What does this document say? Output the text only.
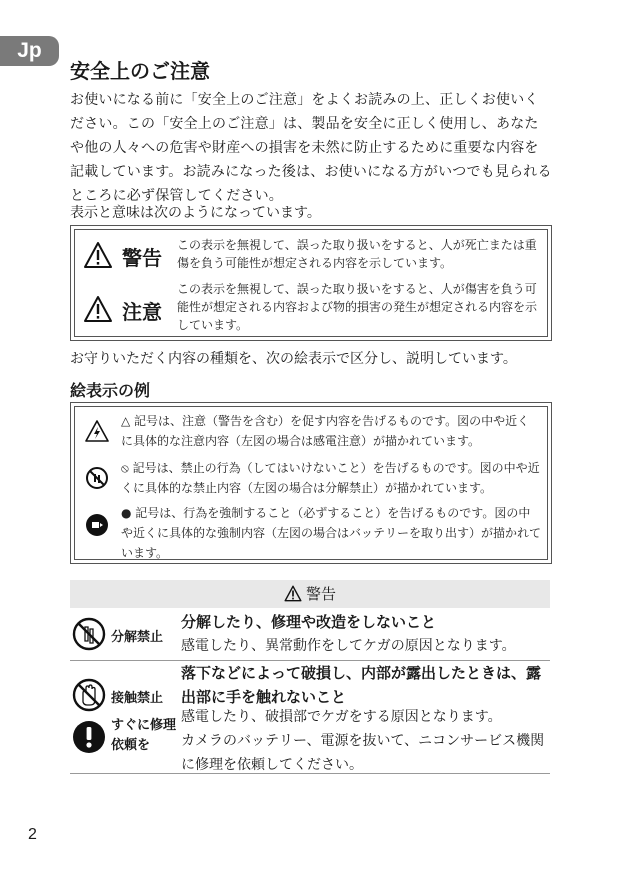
Jp
安全上のご注意

お使いになる前に「安全上のご注意」をよくお読みの上、正しくお使いください。この「安全上のご注意」は、製品を安全に正しく使用し、あなたや他の人々への危害や財産への損害を未然に防止するために重要な内容を記載しています。お読みになった後は、お使いになる方がいつでも見られるところに必ず保管してください。

表示と意味は次のようになっています。

警告
この表示を無視して、誤った取り扱いをすると、人が死亡または重傷を負う可能性が想定される内容を示しています。
注意
この表示を無視して、誤った取り扱いをすると、人が傷害を負う可能性が想定される内容および物的損害の発生が想定される内容を示しています。

お守りいただく内容の種類を、次の絵表示で区分し、説明しています。

絵表示の例
△ 記号は、注意（警告を含む）を促す内容を告げるものです。図の中や近くに具体的な注意内容（左図の場合は感電注意）が描かれています。
⦸ 記号は、禁止の行為（してはいけないこと）を告げるものです。図の中や近くに具体的な禁止内容（左図の場合は分解禁止）が描かれています。
● 記号は、行為を強制すること（必ずすること）を告げるものです。図の中や近くに具体的な強制内容（左図の場合はバッテリーを取り出す）が描かれています。
警告
分解禁止
分解したり、修理や改造をしないこと
感電したり、異常動作をしてケガの原因となります。
接触禁止
落下などによって破損し、内部が露出したときは、露出部に手を触れないこと
感電したり、破損部でケガをする原因となります。
すぐに修理依頼を	カメラのバッテリー、電源を抜いて、ニコンサービス機関に修理を依頼してください。
2
